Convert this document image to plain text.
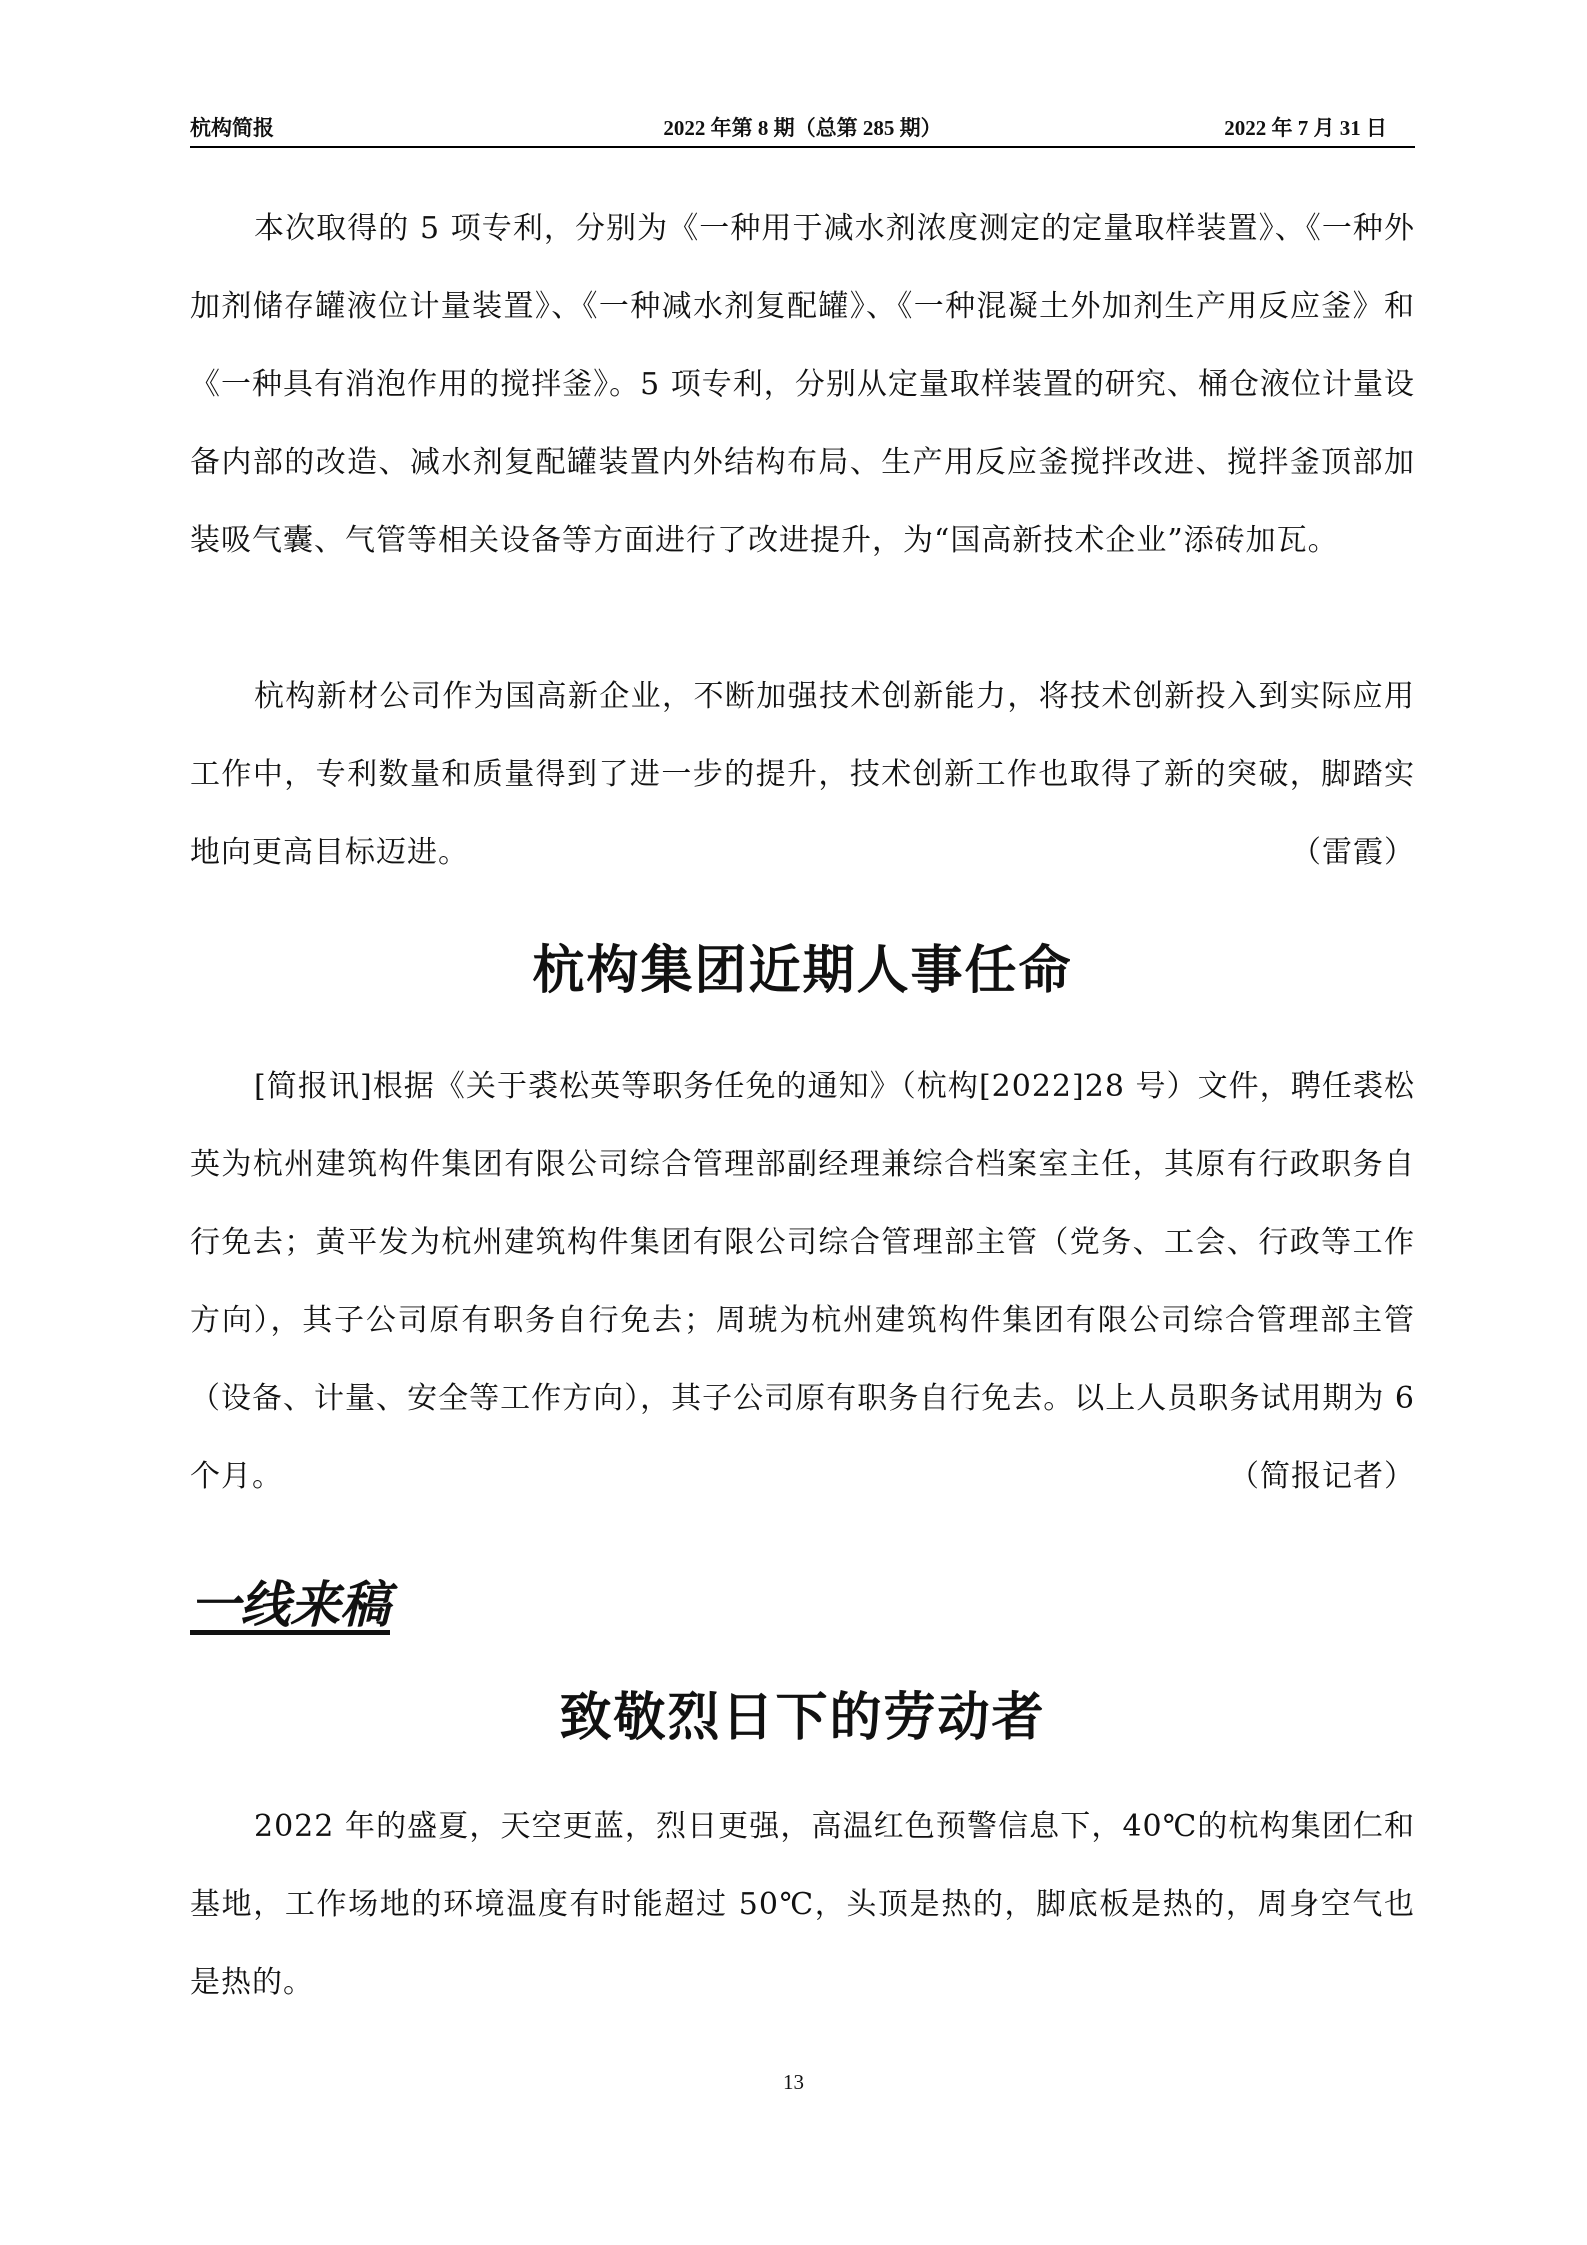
杭构简报	2022 年第 8 期（总第 285 期）	2022 年 7 月 31 日

本次取得的 5 项专利，分别为《一种用于减水剂浓度测定的定量取样装置》、《一种外加剂储存罐液位计量装置》、《一种减水剂复配罐》、《一种混凝土外加剂生产用反应釜》和《一种具有消泡作用的搅拌釜》。5 项专利，分别从定量取样装置的研究、桶仓液位计量设备内部的改造、减水剂复配罐装置内外结构布局、生产用反应釜搅拌改进、搅拌釜顶部加装吸气囊、气管等相关设备等方面进行了改进提升，为“国高新技术企业”添砖加瓦。

杭构新材公司作为国高新企业，不断加强技术创新能力，将技术创新投入到实际应用工作中，专利数量和质量得到了进一步的提升，技术创新工作也取得了新的突破，脚踏实地向更高目标迈进。	（雷霞）

杭构集团近期人事任命

[简报讯]根据《关于裘松英等职务任免的通知》（杭构[2022]28 号）文件，聘任裘松英为杭州建筑构件集团有限公司综合管理部副经理兼综合档案室主任，其原有行政职务自行免去；黄平发为杭州建筑构件集团有限公司综合管理部主管（党务、工会、行政等工作方向），其子公司原有职务自行免去；周琥为杭州建筑构件集团有限公司综合管理部主管（设备、计量、安全等工作方向），其子公司原有职务自行免去。以上人员职务试用期为 6 个月。	（简报记者）

一线来稿
致敬烈日下的劳动者

2022 年的盛夏，天空更蓝，烈日更强，高温红色预警信息下，40℃的杭构集团仁和基地，工作场地的环境温度有时能超过 50℃，头顶是热的，脚底板是热的，周身空气也是热的。

13
